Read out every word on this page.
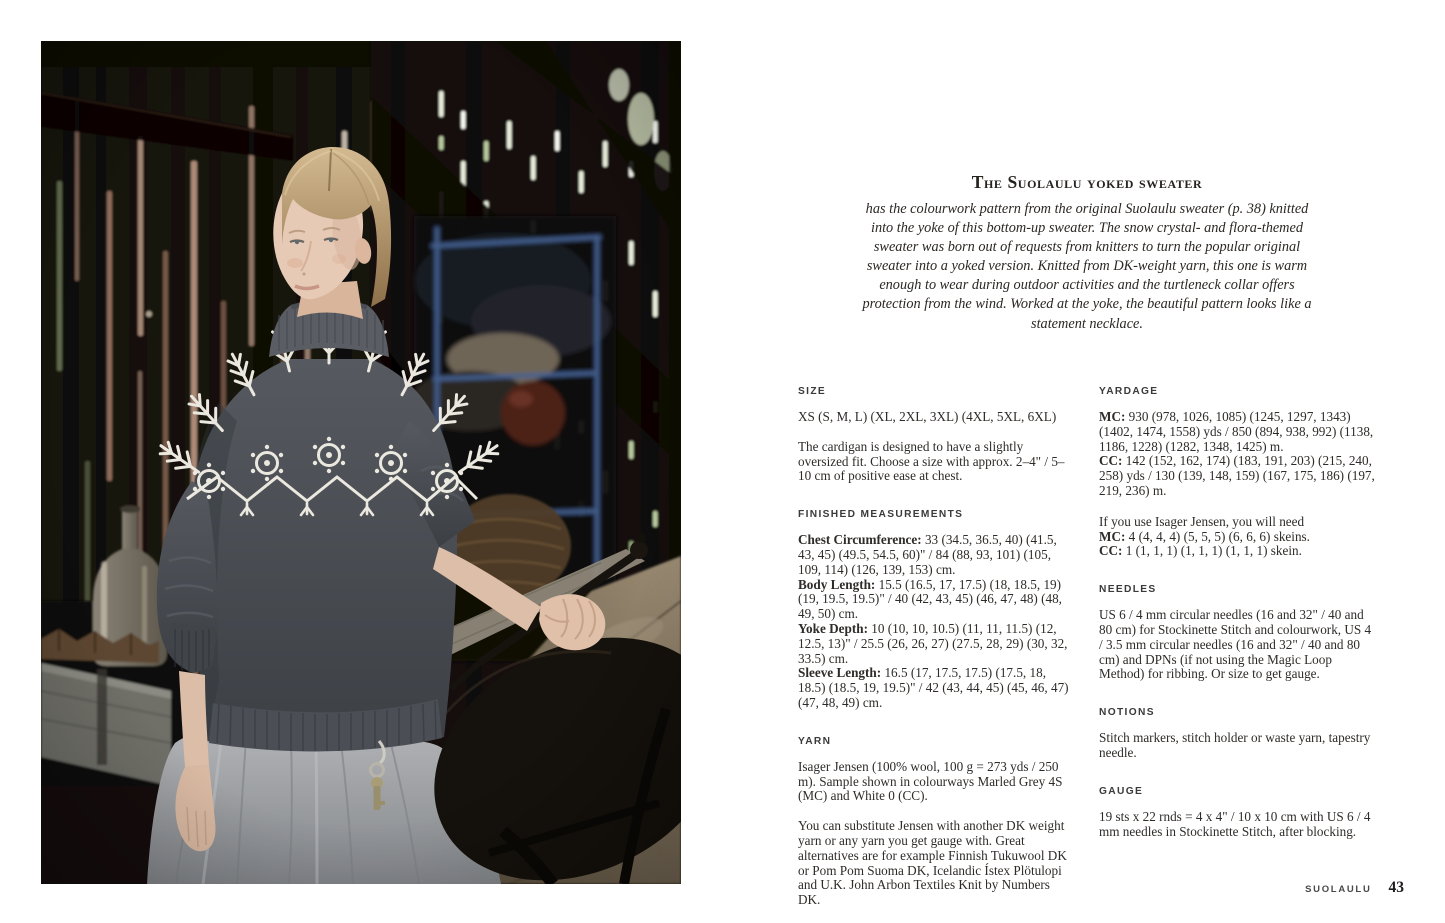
The Suolaulu yoked sweater

has the colourwork pattern from the original Suolaulu sweater (p. 38) knitted into the yoke of this bottom-up sweater. The snow crystal- and flora-themed sweater was born out of requests from knitters to turn the popular original sweater into a yoked version. Knitted from DK-weight yarn, this one is warm enough to wear during outdoor activities and the turtleneck collar offers protection from the wind. Worked at the yoke, the beautiful pattern looks like a statement necklace.

SIZE

XS (S, M, L) (XL, 2XL, 3XL) (4XL, 5XL, 6XL)

The cardigan is designed to have a slightly oversized fit. Choose a size with approx. 2–4" / 5–10 cm of positive ease at chest.

FINISHED MEASUREMENTS

Chest Circumference: 33 (34.5, 36.5, 40) (41.5, 43, 45) (49.5, 54.5, 60)" / 84 (88, 93, 101) (105, 109, 114) (126, 139, 153) cm.

Body Length: 15.5 (16.5, 17, 17.5) (18, 18.5, 19) (19, 19.5, 19.5)" / 40 (42, 43, 45) (46, 47, 48) (48, 49, 50) cm.

Yoke Depth: 10 (10, 10, 10.5) (11, 11, 11.5) (12, 12.5, 13)" / 25.5 (26, 26, 27) (27.5, 28, 29) (30, 32, 33.5) cm.

Sleeve Length: 16.5 (17, 17.5, 17.5) (17.5, 18, 18.5) (18.5, 19, 19.5)" / 42 (43, 44, 45) (45, 46, 47) (47, 48, 49) cm.

YARN

Isager Jensen (100% wool, 100 g = 273 yds / 250 m). Sample shown in colourways Marled Grey 4S (MC) and White 0 (CC).

You can substitute Jensen with another DK weight yarn or any yarn you get gauge with. Great alternatives are for example Finnish Tukuwool DK or Pom Pom Suoma DK, Icelandic Ístex Plötulopi and U.K. John Arbon Textiles Knit by Numbers DK.

YARDAGE

MC: 930 (978, 1026, 1085) (1245, 1297, 1343) (1402, 1474, 1558) yds / 850 (894, 938, 992) (1138, 1186, 1228) (1282, 1348, 1425) m.

CC: 142 (152, 162, 174) (183, 191, 203) (215, 240, 258) yds / 130 (139, 148, 159) (167, 175, 186) (197, 219, 236) m.

If you use Isager Jensen, you will need

MC: 4 (4, 4, 4) (5, 5, 5) (6, 6, 6) skeins.

CC: 1 (1, 1, 1) (1, 1, 1) (1, 1, 1) skein.

NEEDLES

US 6 / 4 mm circular needles (16 and 32" / 40 and 80 cm) for Stockinette Stitch and colourwork, US 4 / 3.5 mm circular needles (16 and 32" / 40 and 80 cm) and DPNs (if not using the Magic Loop Method) for ribbing. Or size to get gauge.

NOTIONS

Stitch markers, stitch holder or waste yarn, tapestry needle.

GAUGE

19 sts x 22 rnds = 4 x 4" / 10 x 10 cm with US 6 / 4 mm needles in Stockinette Stitch, after blocking.

SUOLAULU 43
